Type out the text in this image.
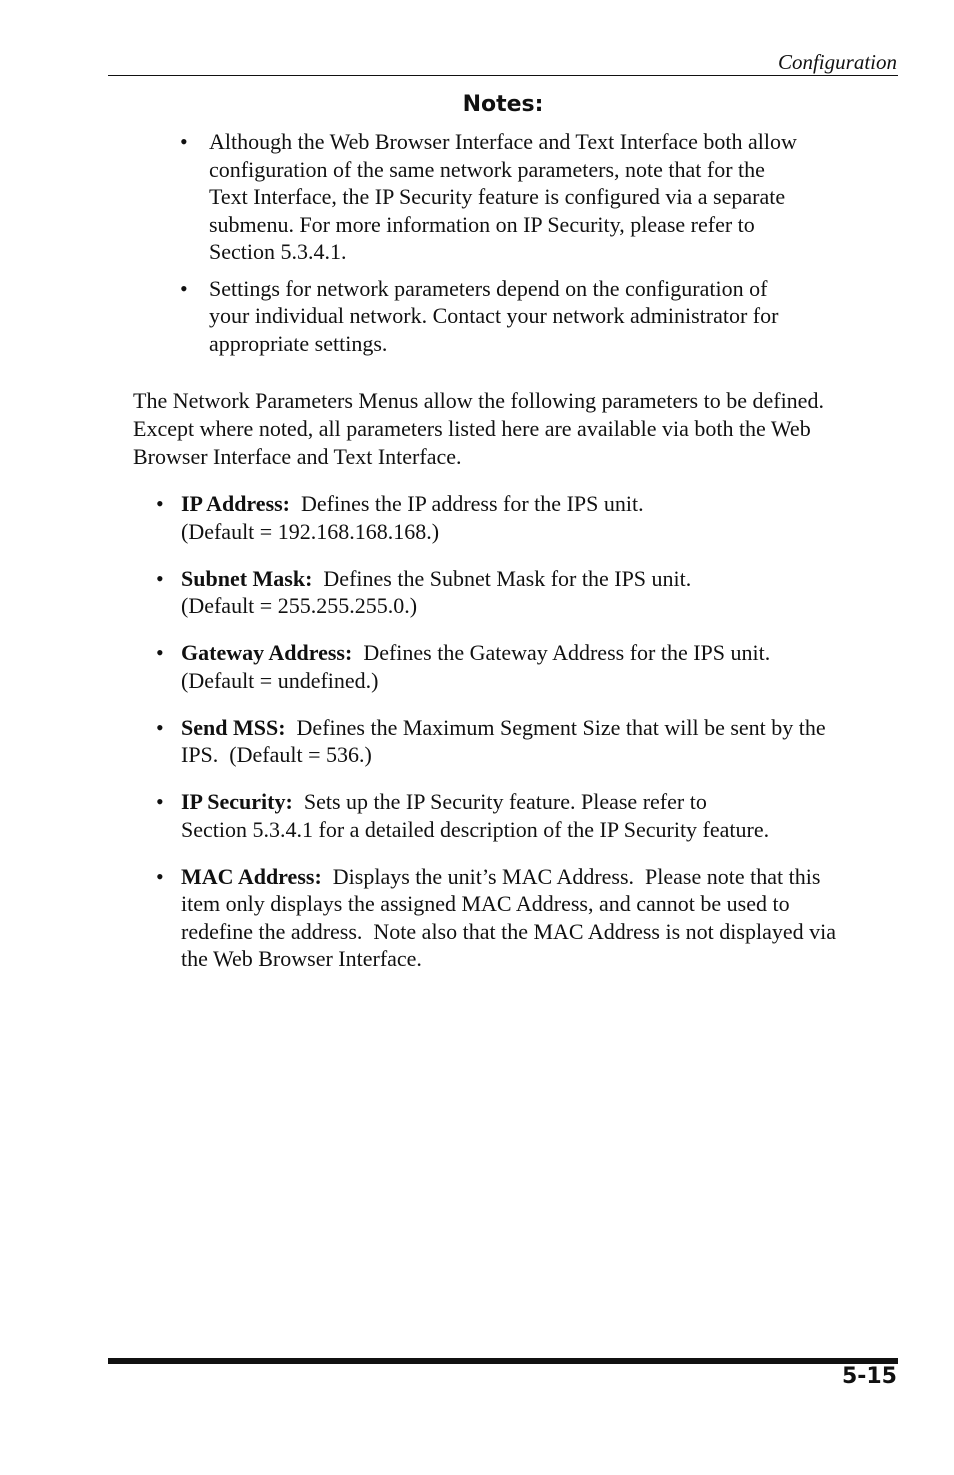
Configuration
Notes:
• Although the Web Browser Interface and Text Interface both allow
configuration of the same network parameters, note that for the
Text Interface, the IP Security feature is configured via a separate
submenu. For more information on IP Security, please refer to
Section 5.3.4.1.
• Settings for network parameters depend on the configuration of
your individual network. Contact your network administrator for
appropriate settings.

The Network Parameters Menus allow the following parameters to be defined.
Except where noted, all parameters listed here are available via both the Web
Browser Interface and Text Interface.

• IP Address:  Defines the IP address for the IPS unit.
(Default = 192.168.168.168.)
• Subnet Mask:  Defines the Subnet Mask for the IPS unit.
(Default = 255.255.255.0.)
• Gateway Address:  Defines the Gateway Address for the IPS unit.
(Default = undefined.)
• Send MSS:  Defines the Maximum Segment Size that will be sent by the
IPS.  (Default = 536.)
• IP Security:  Sets up the IP Security feature. Please refer to
Section 5.3.4.1 for a detailed description of the IP Security feature.
• MAC Address:  Displays the unit’s MAC Address.  Please note that this
item only displays the assigned MAC Address, and cannot be used to
redefine the address.  Note also that the MAC Address is not displayed via
the Web Browser Interface.
5-15
